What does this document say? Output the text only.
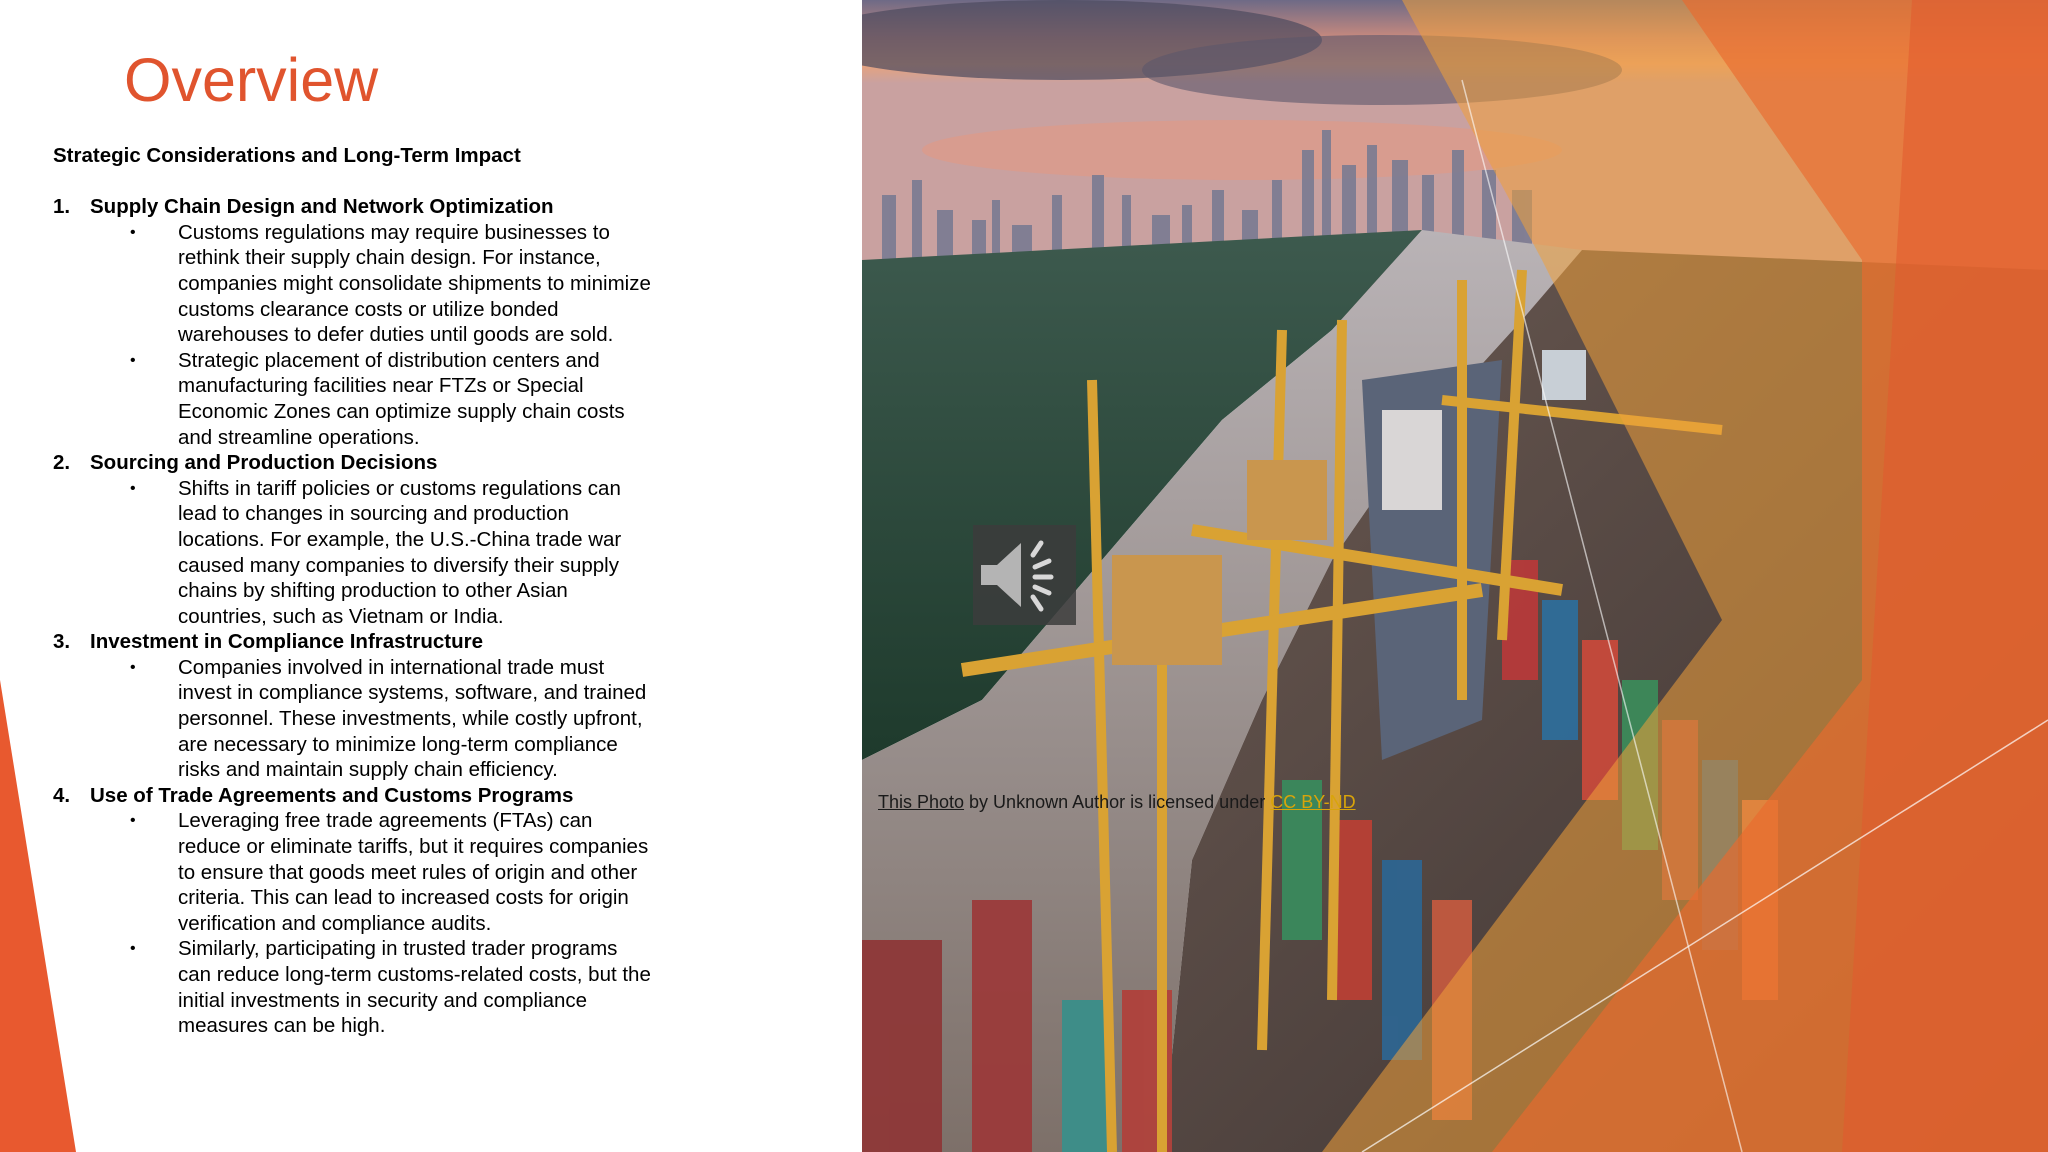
Overview
Strategic Considerations and Long-Term Impact
1. Supply Chain Design and Network Optimization
• Customs regulations may require businesses to
rethink their supply chain design. For instance,
companies might consolidate shipments to minimize
customs clearance costs or utilize bonded
warehouses to defer duties until goods are sold.
• Strategic placement of distribution centers and
manufacturing facilities near FTZs or Special
Economic Zones can optimize supply chain costs
and streamline operations.
2. Sourcing and Production Decisions
• Shifts in tariff policies or customs regulations can
lead to changes in sourcing and production
locations. For example, the U.S.-China trade war
caused many companies to diversify their supply
chains by shifting production to other Asian
countries, such as Vietnam or India.
3. Investment in Compliance Infrastructure
• Companies involved in international trade must
invest in compliance systems, software, and trained
personnel. These investments, while costly upfront,
are necessary to minimize long-term compliance
risks and maintain supply chain efficiency.
4. Use of Trade Agreements and Customs Programs
• Leveraging free trade agreements (FTAs) can
reduce or eliminate tariffs, but it requires companies
to ensure that goods meet rules of origin and other
criteria. This can lead to increased costs for origin
verification and compliance audits.
• Similarly, participating in trusted trader programs
can reduce long-term customs-related costs, but the
initial investments in security and compliance
measures can be high.
This Photo by Unknown Author is licensed under CC BY-ND
